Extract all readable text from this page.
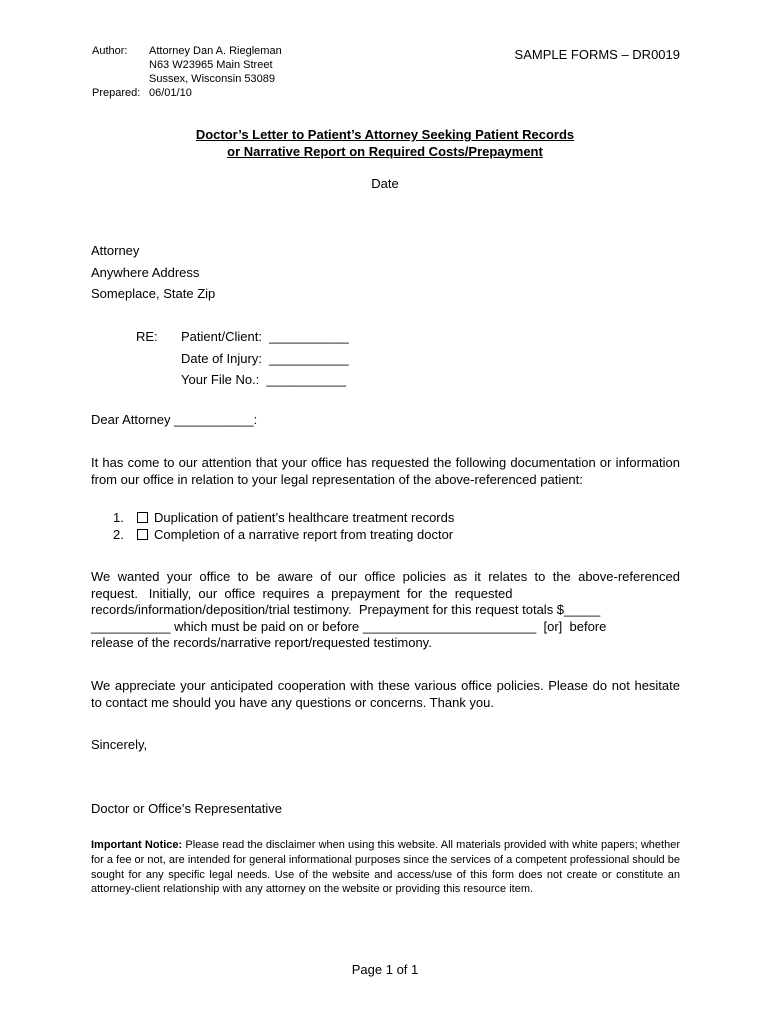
Author:	Attorney Dan A. Riegleman
N63 W23965 Main Street
Sussex, Wisconsin 53089
Prepared: 06/01/10
SAMPLE FORMS – DR0019
Doctor’s Letter to Patient’s Attorney Seeking Patient Records
or Narrative Report on Required Costs/Prepayment
Date
Attorney
Anywhere Address
Someplace, State Zip
RE:	Patient/Client:  ___________
Date of Injury:  ___________
Your File No.:  ___________
Dear Attorney ___________:
It has come to our attention that your office has requested the following documentation or information from our office in relation to your legal representation of the above-referenced patient:
1. Duplication of patient’s healthcare treatment records
2. Completion of a narrative report from treating doctor
We wanted your office to be aware of our office policies as it relates to the above-referenced
request.   Initially,  our  office  requires  a  prepayment  for  the  requested
records/information/deposition/trial testimony.  Prepayment for this request totals $_____
___________ which must be paid on or before ________________________  [or]  before
release of the records/narrative report/requested testimony.
We appreciate your anticipated cooperation with these various office policies. Please do not hesitate to contact me should you have any questions or concerns. Thank you.
Sincerely,
Doctor or Office’s Representative
Important Notice: Please read the disclaimer when using this website. All materials provided with white papers; whether for a fee or not, are intended for general informational purposes since the services of a competent professional should be sought for any specific legal needs. Use of the website and access/use of this form does not create or constitute an attorney-client relationship with any attorney on the website or providing this resource item.
Page 1 of 1
